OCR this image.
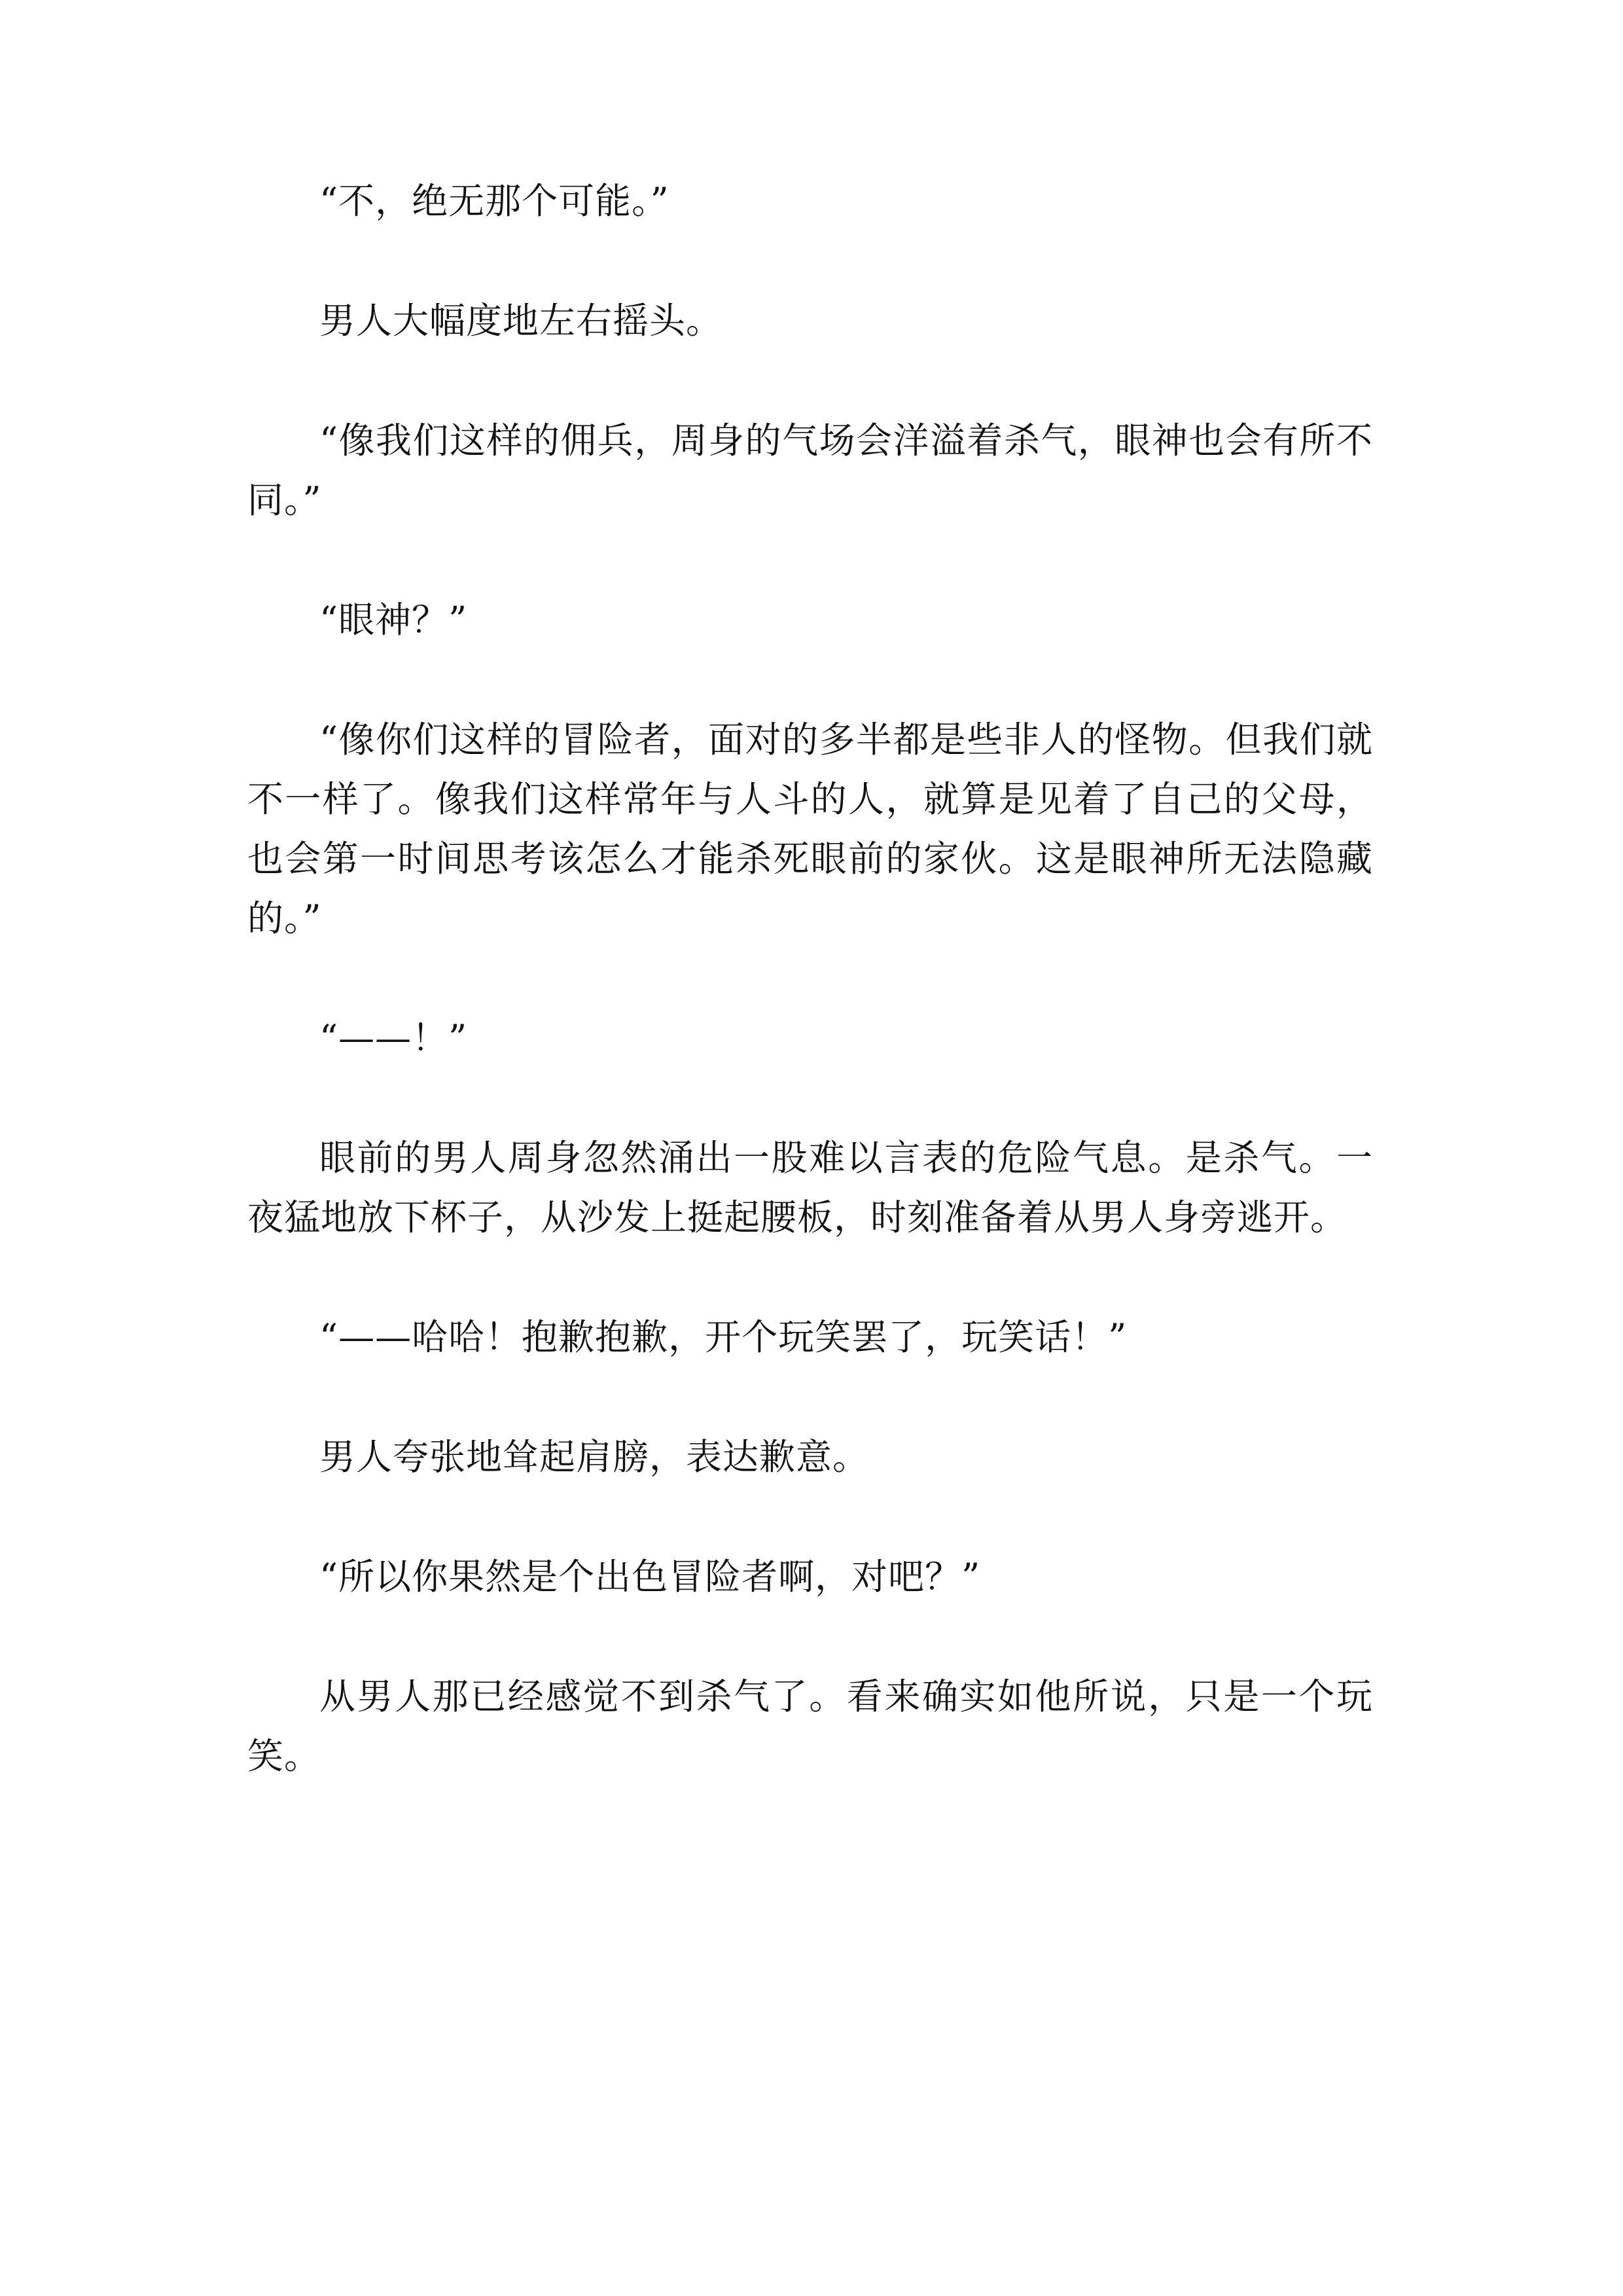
“不，绝无那个可能。”

男人大幅度地左右摇头。

“像我们这样的佣兵，周身的气场会洋溢着杀气，眼神也会有所不同。”

“眼神？”

“像你们这样的冒险者，面对的多半都是些非人的怪物。但我们就不一样了。像我们这样常年与人斗的人，就算是见着了自己的父母，也会第一时间思考该怎么才能杀死眼前的家伙。这是眼神所无法隐藏的。”

“——！”

眼前的男人周身忽然涌出一股难以言表的危险气息。是杀气。一夜猛地放下杯子，从沙发上挺起腰板，时刻准备着从男人身旁逃开。

“——哈哈！抱歉抱歉，开个玩笑罢了，玩笑话！”

男人夸张地耸起肩膀，表达歉意。

“所以你果然是个出色冒险者啊，对吧？”

从男人那已经感觉不到杀气了。看来确实如他所说，只是一个玩笑。
